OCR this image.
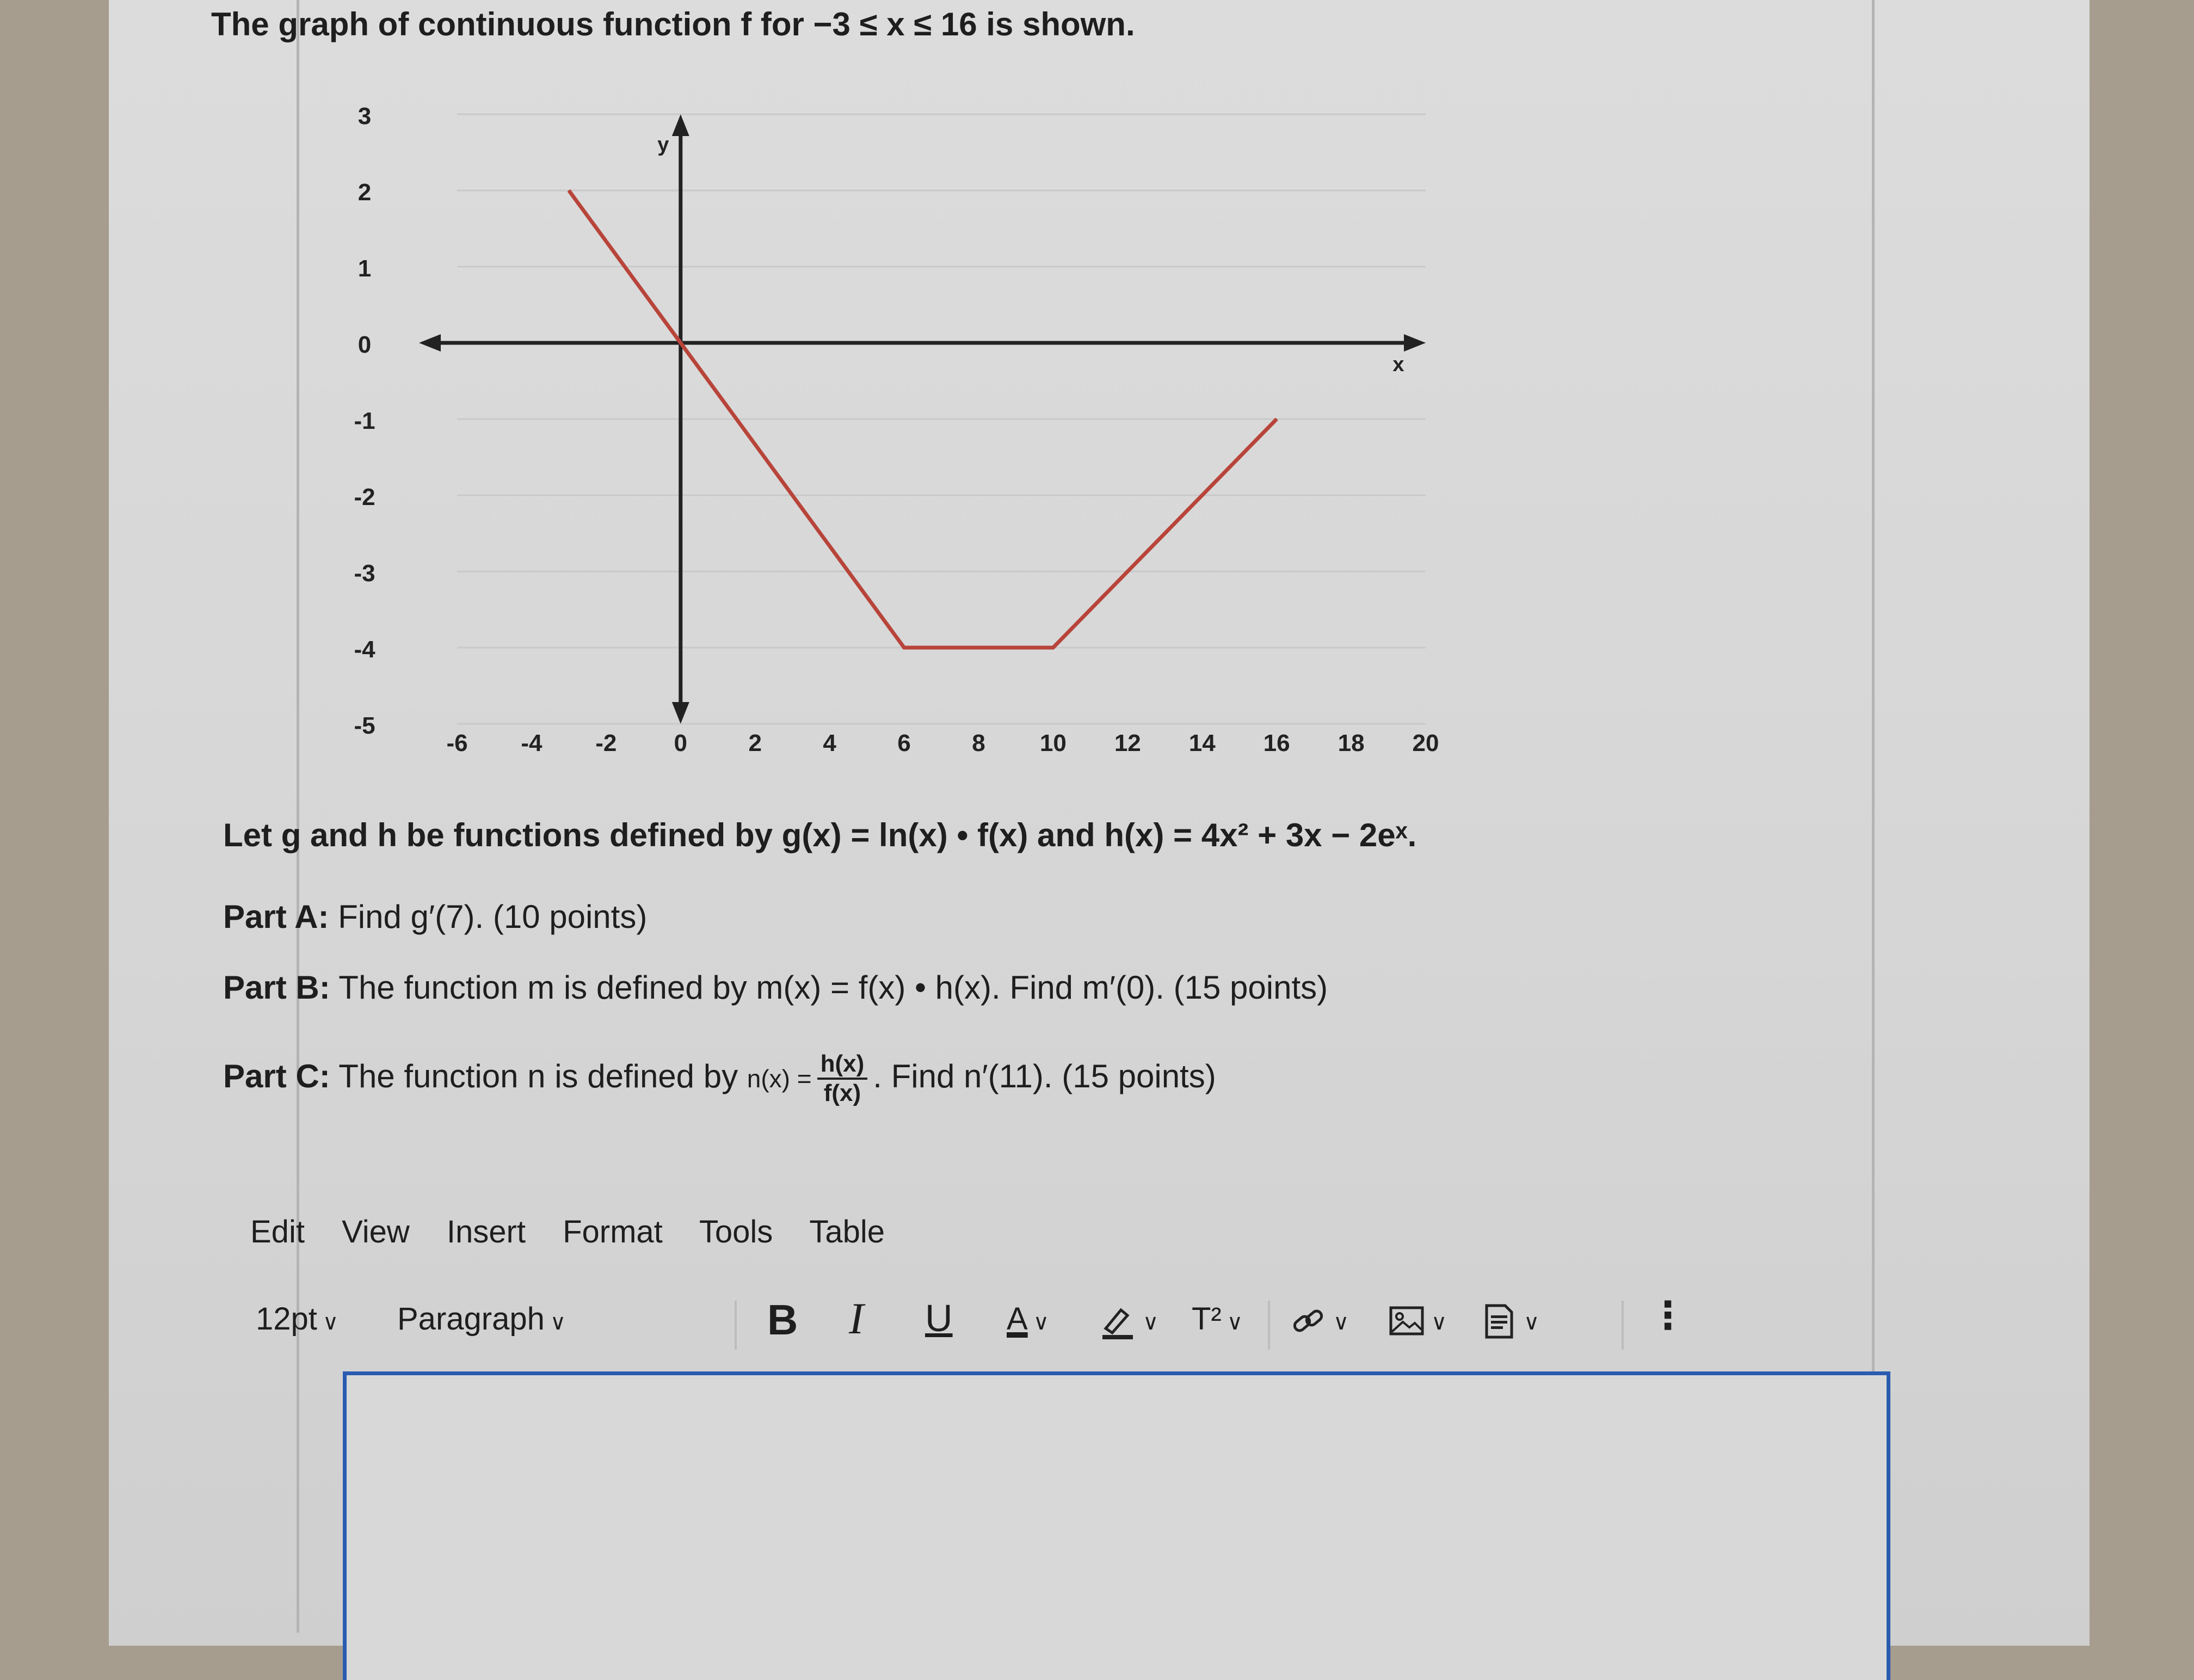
The graph of continuous function f for −3 ≤ x ≤ 16 is shown.
x
y
3
2
1
0
-1
-2
-3
-4
-5
-6 -4 -2 0	2	4	6	8 10 12 14 16 18 20
Let g and h be functions defined by g(x) = ln(x) • f(x) and h(x) = 4x² + 3x − 2eˣ.
Part A: Find g′(7). (10 points)
Part B: The function m is defined by m(x) = f(x) • h(x). Find m′(0). (15 points)
Part C: The function n is defined by $n(x) = \frac{h(x)}{f(x)}$ . Find n′(11). (15 points)
Edit View Insert Format Tools Table
12pt ∨ Paragraph ∨	B I U A ∨	∨ T² ∨	∨	∨	∨	⋮
